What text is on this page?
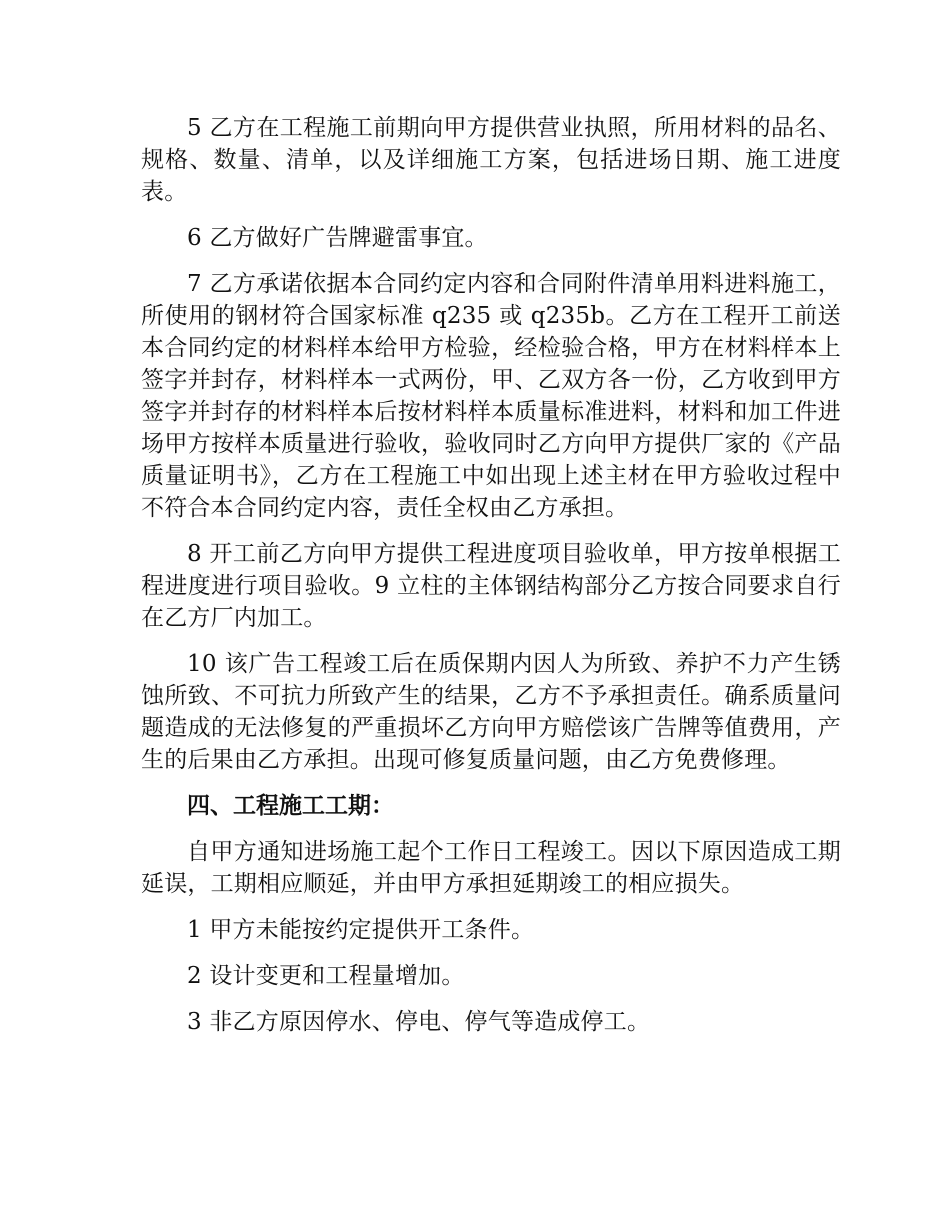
5 乙方在工程施工前期向甲方提供营业执照，所用材料的品名、规格、数量、清单，以及详细施工方案，包括进场日期、施工进度表。

6 乙方做好广告牌避雷事宜。

7 乙方承诺依据本合同约定内容和合同附件清单用料进料施工，所使用的钢材符合国家标准 q235 或 q235b。乙方在工程开工前送本合同约定的材料样本给甲方检验，经检验合格，甲方在材料样本上签字并封存，材料样本一式两份，甲、乙双方各一份，乙方收到甲方签字并封存的材料样本后按材料样本质量标准进料，材料和加工件进场甲方按样本质量进行验收，验收同时乙方向甲方提供厂家的《产品质量证明书》，乙方在工程施工中如出现上述主材在甲方验收过程中不符合本合同约定内容，责任全权由乙方承担。

8 开工前乙方向甲方提供工程进度项目验收单，甲方按单根据工程进度进行项目验收。9 立柱的主体钢结构部分乙方按合同要求自行在乙方厂内加工。

10 该广告工程竣工后在质保期内因人为所致、养护不力产生锈蚀所致、不可抗力所致产生的结果，乙方不予承担责任。确系质量问题造成的无法修复的严重损坏乙方向甲方赔偿该广告牌等值费用，产生的后果由乙方承担。出现可修复质量问题，由乙方免费修理。

四、工程施工工期：

自甲方通知进场施工起个工作日工程竣工。因以下原因造成工期延误，工期相应顺延，并由甲方承担延期竣工的相应损失。

1 甲方未能按约定提供开工条件。

2 设计变更和工程量增加。

3 非乙方原因停水、停电、停气等造成停工。
